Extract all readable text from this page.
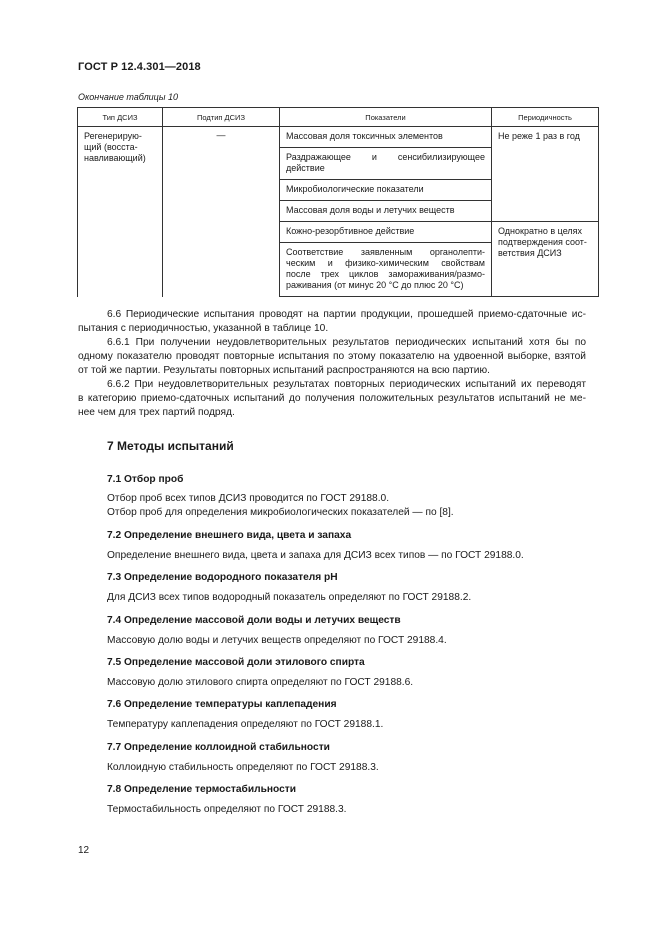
ГОСТ Р 12.4.301—2018
Окончание таблицы 10
Тип ДСИЗ	Подтип ДСИЗ	Показатели	Периодичность

Регенерирую-
щий (восста-
навливающий)	—	Массовая доля токсичных элементов	Не реже 1 раз в год

		Раздражающее и сенсибилизирующее
действие	

		Микробиологические показатели	

		Массовая доля воды и летучих веществ	

		Кожно-резорбтивное действие	Однократно в целях
подтверждения соот-
ветствия ДСИЗ

		Соответствие заявленным органолепти-
ческим и физико-химическим свойствам
после трех циклов замораживания/размо-
раживания (от минус 20 °С до плюс 20 °С)	
6.6 Периодические испытания проводят на партии продукции, прошедшей приемо-сдаточные ис-
пытания с периодичностью, указанной в таблице 10.
6.6.1 При получении неудовлетворительных результатов периодических испытаний хотя бы по
одному показателю проводят повторные испытания по этому показателю на удвоенной выборке, взятой
от той же партии. Результаты повторных испытаний распространяются на всю партию.
6.6.2 При неудовлетворительных результатах повторных периодических испытаний их переводят
в категорию приемо-сдаточных испытаний до получения положительных результатов испытаний не ме-
нее чем для трех партий подряд.
7 Методы испытаний
7.1 Отбор проб
Отбор проб всех типов ДСИЗ проводится по ГОСТ 29188.0.
Отбор проб для определения микробиологических показателей — по [8].
7.2 Определение внешнего вида, цвета и запаха
Определение внешнего вида, цвета и запаха для ДСИЗ всех типов — по ГОСТ 29188.0.
7.3 Определение водородного показателя рН
Для ДСИЗ всех типов водородный показатель определяют по ГОСТ 29188.2.
7.4 Определение массовой доли воды и летучих веществ
Массовую долю воды и летучих веществ определяют по ГОСТ 29188.4.
7.5 Определение массовой доли этилового спирта
Массовую долю этилового спирта определяют по ГОСТ 29188.6.
7.6 Определение температуры каплепадения
Температуру каплепадения определяют по ГОСТ 29188.1.
7.7 Определение коллоидной стабильности
Коллоидную стабильность определяют по ГОСТ 29188.3.
7.8 Определение термостабильности
Термостабильность определяют по ГОСТ 29188.3.
12
